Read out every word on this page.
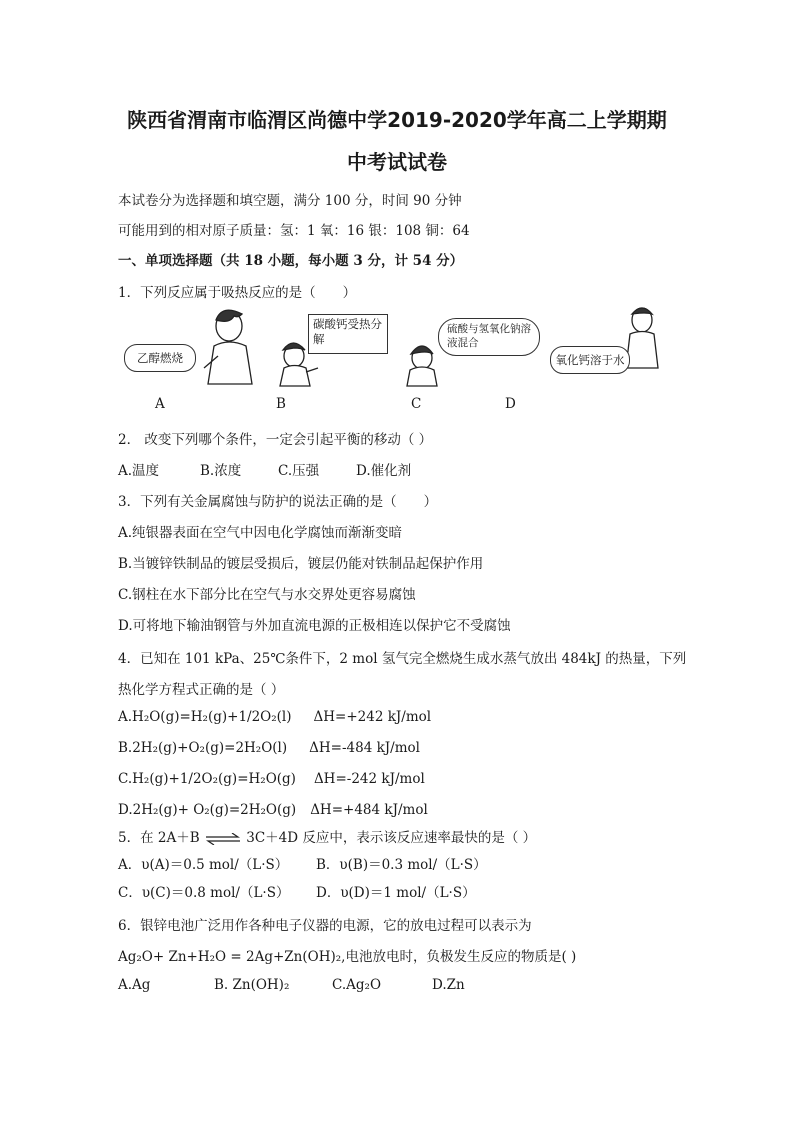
陕西省渭南市临渭区尚德中学2019-2020学年高二上学期期
中考试试卷
本试卷分为选择题和填空题，满分 100 分，时间 90 分钟
可能用到的相对原子质量：氢：1 氧：16 银：108 铜：64
一、单项选择题（共 18 小题，每小题 3 分，计 54 分）
1．下列反应属于吸热反应的是（　　）
乙醇燃烧
碳酸钙受热分解
硫酸与氢氧化钠溶液混合
氧化钙溶于水
A	B	C	D
2． 改变下列哪个条件，一定会引起平衡的移动（ ）
A.温度	B.浓度	C.压强	D.催化剂
3．下列有关金属腐蚀与防护的说法正确的是（　　）
A.纯银器表面在空气中因电化学腐蚀而渐渐变暗
B.当镀锌铁制品的镀层受损后，镀层仍能对铁制品起保护作用
C.钢柱在水下部分比在空气与水交界处更容易腐蚀
D.可将地下输油钢管与外加直流电源的正极相连以保护它不受腐蚀
4．已知在 101 kPa、25℃条件下，2 mol 氢气完全燃烧生成水蒸气放出 484kJ 的热量，下列
热化学方程式正确的是（ ）
A.H₂O(g)=H₂(g)+1/2O₂(l) ΔH=+242 kJ/mol
B.2H₂(g)+O₂(g)=2H₂O(l) ΔH=-484 kJ/mol
C.H₂(g)+1/2O₂(g)=H₂O(g) ΔH=-242 kJ/mol
D.2H₂(g)+ O₂(g)=2H₂O(g) ΔH=+484 kJ/mol
5．在 2A＋B ⇌ 3C＋4D 反应中，表示该反应速率最快的是（ ）
A．υ(A)＝0.5 mol/（L·S） B．υ(B)＝0.3 mol/（L·S）
C．υ(C)＝0.8 mol/（L·S） D．υ(D)＝1 mol/（L·S）
6．银锌电池广泛用作各种电子仪器的电源，它的放电过程可以表示为
Ag₂O+ Zn+H₂O = 2Ag+Zn(OH)₂,电池放电时，负极发生反应的物质是( )
A.Ag	B. Zn(OH)₂	C.Ag₂O	D.Zn
